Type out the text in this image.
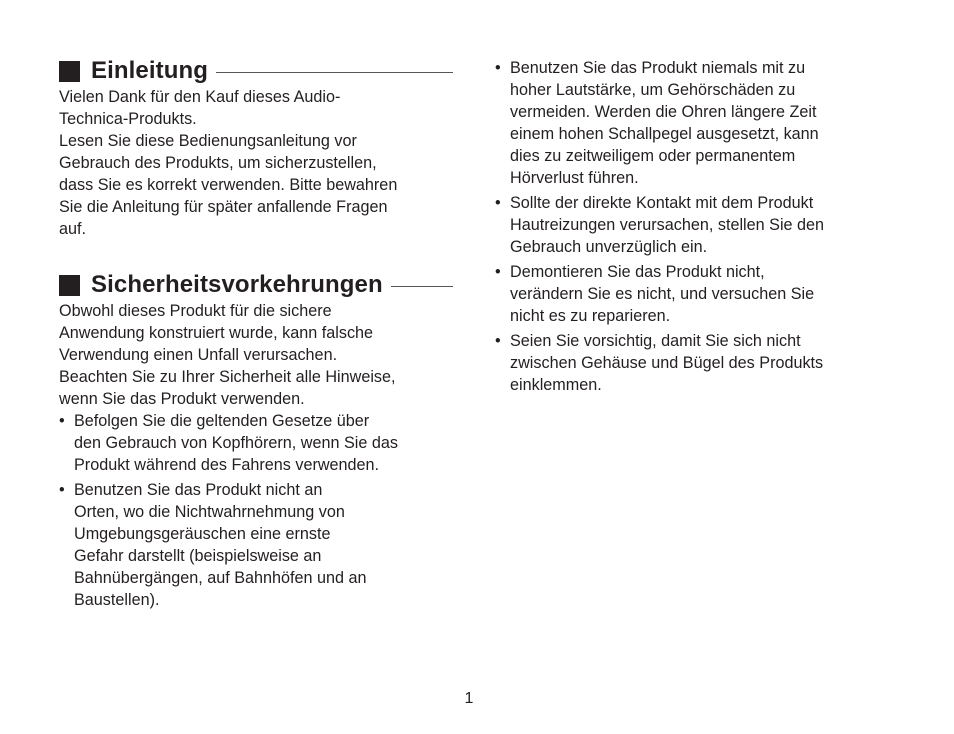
Einleitung

Vielen Dank für den Kauf dieses Audio-
Technica-Produkts.
Lesen Sie diese Bedienungsanleitung vor
Gebrauch des Produkts, um sicherzustellen,
dass Sie es korrekt verwenden. Bitte bewahren
Sie die Anleitung für später anfallende Fragen
auf.

Sicherheitsvorkehrungen

Obwohl dieses Produkt für die sichere
Anwendung konstruiert wurde, kann falsche
Verwendung einen Unfall verursachen.
Beachten Sie zu Ihrer Sicherheit alle Hinweise,
wenn Sie das Produkt verwenden.

• Befolgen Sie die geltenden Gesetze über
den Gebrauch von Kopfhörern, wenn Sie das
Produkt während des Fahrens verwenden.
• Benutzen Sie das Produkt nicht an
Orten, wo die Nichtwahrnehmung von
Umgebungsgeräuschen eine ernste
Gefahr darstellt (beispielsweise an
Bahnübergängen, auf Bahnhöfen und an
Baustellen).
• Benutzen Sie das Produkt niemals mit zu
hoher Lautstärke, um Gehörschäden zu
vermeiden. Werden die Ohren längere Zeit
einem hohen Schallpegel ausgesetzt, kann
dies zu zeitweiligem oder permanentem
Hörverlust führen.
• Sollte der direkte Kontakt mit dem Produkt
Hautreizungen verursachen, stellen Sie den
Gebrauch unverzüglich ein.
• Demontieren Sie das Produkt nicht,
verändern Sie es nicht, und versuchen Sie
nicht es zu reparieren.
• Seien Sie vorsichtig, damit Sie sich nicht
zwischen Gehäuse und Bügel des Produkts
einklemmen.
1
